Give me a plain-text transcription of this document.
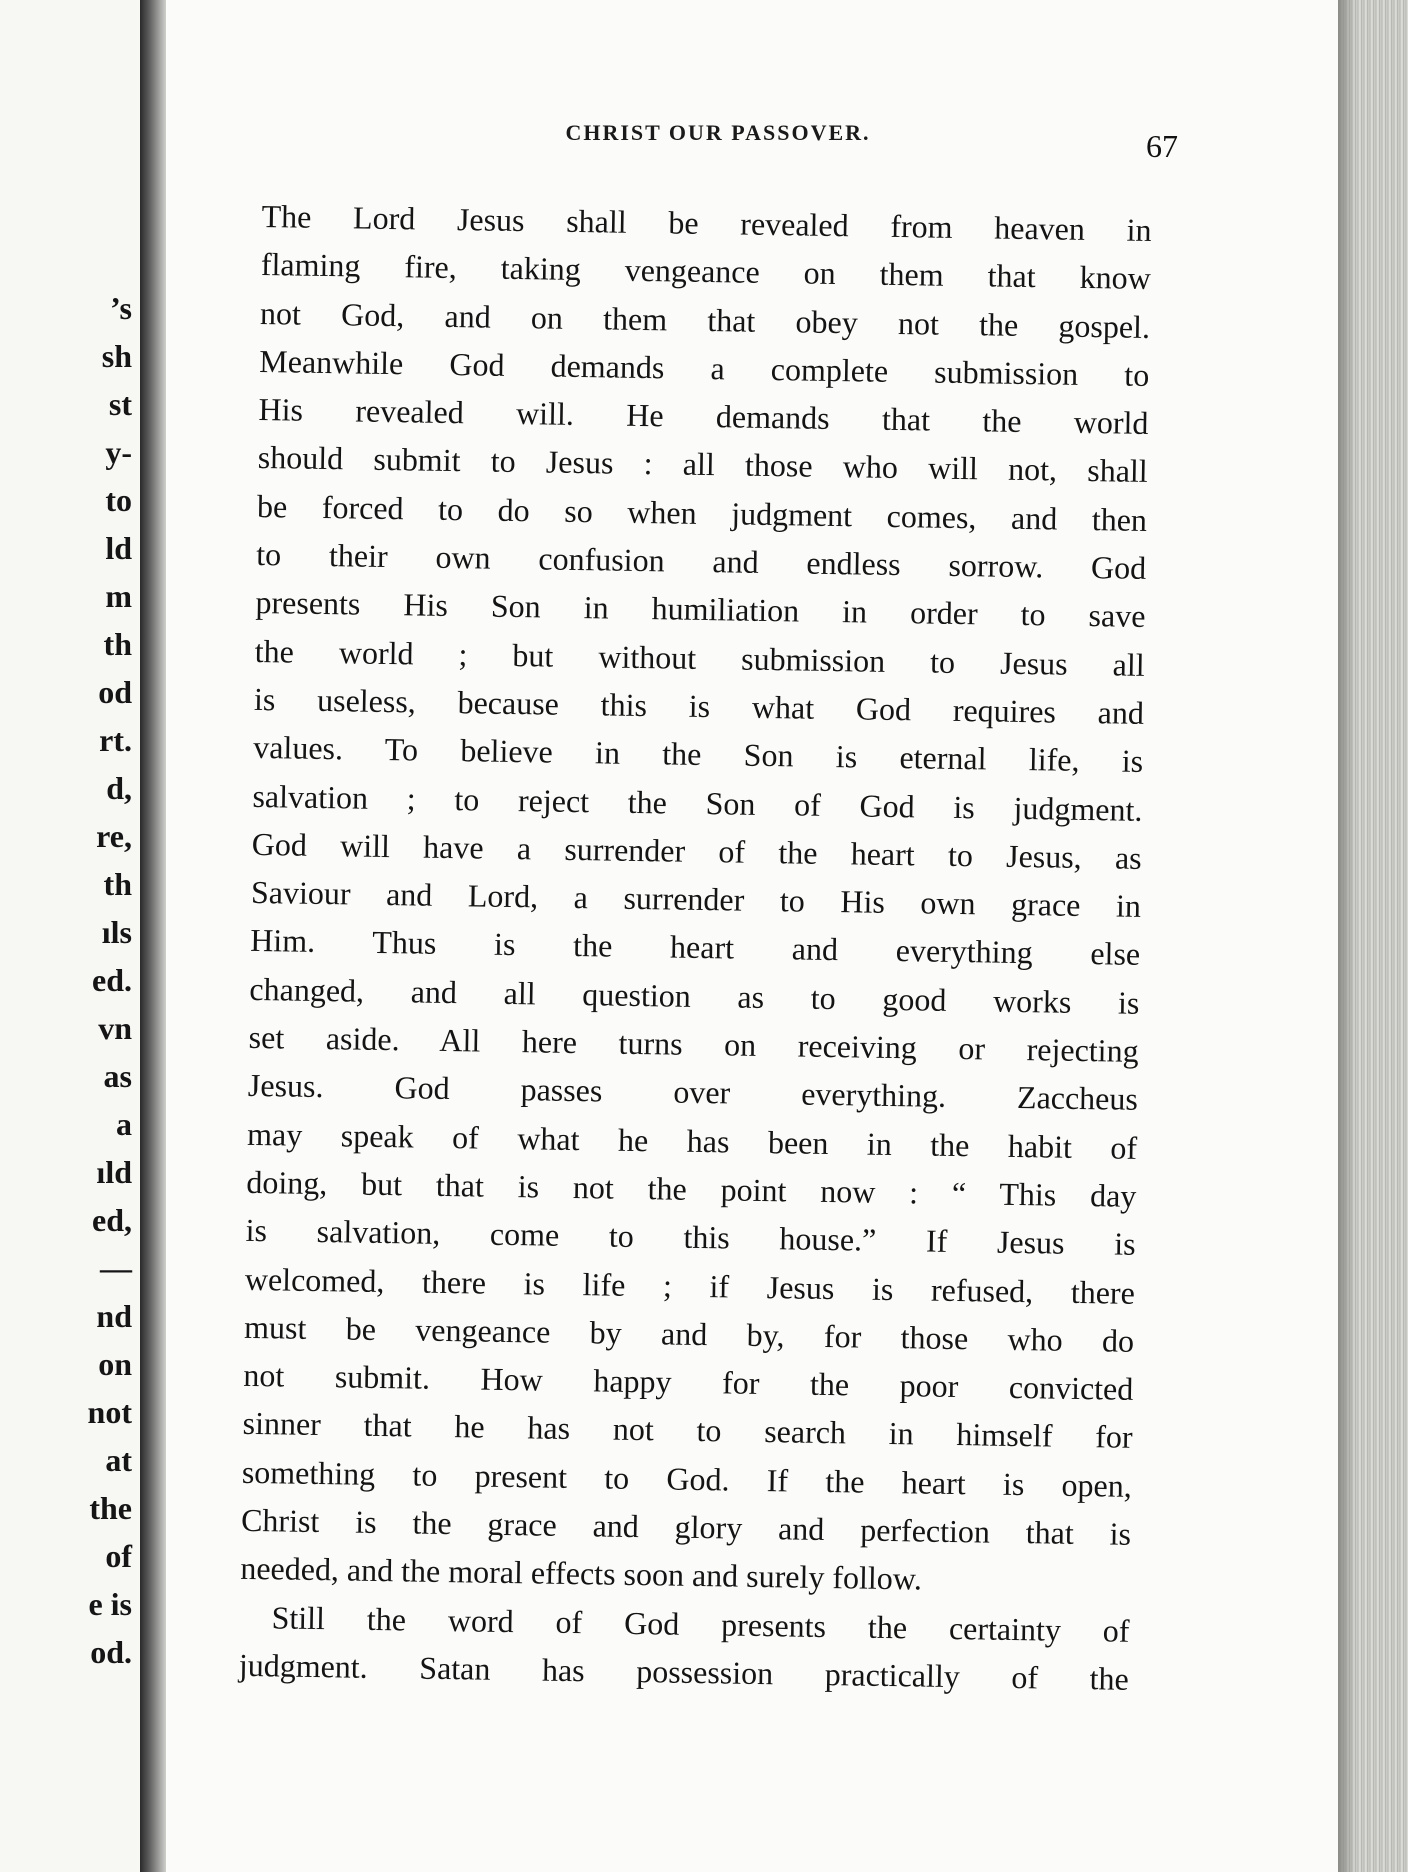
’s
sh
st
y-
to
ld
m
th
od
rt.
d,
re,
th
ıls
ed.
vn
as
a
ıld
ed,
—
nd
on
not
at
the
of
e is
od.
CHRIST OUR PASSOVER.	67
The Lord Jesus shall be revealed from heaven in
flaming fire, taking vengeance on them that know
not God, and on them that obey not the gospel.
Meanwhile God demands a complete submission to
His revealed will. He demands that the world
should submit to Jesus : all those who will not, shall
be forced to do so when judgment comes, and then
to their own confusion and endless sorrow. God
presents His Son in humiliation in order to save
the world ; but without submission to Jesus all
is useless, because this is what God requires and
values. To believe in the Son is eternal life, is
salvation ; to reject the Son of God is judgment.
God will have a surrender of the heart to Jesus, as
Saviour and Lord, a surrender to His own grace in
Him. Thus is the heart and everything else
changed, and all question as to good works is
set aside. All here turns on receiving or rejecting
Jesus. God passes over everything. Zaccheus
may speak of what he has been in the habit of
doing, but that is not the point now : “ This day
is salvation, come to this house.” If Jesus is
welcomed, there is life ; if Jesus is refused, there
must be vengeance by and by, for those who do
not submit. How happy for the poor convicted
sinner that he has not to search in himself for
something to present to God. If the heart is open,
Christ is the grace and glory and perfection that is
needed, and the moral effects soon and surely follow.
Still the word of God presents the certainty of
judgment. Satan has possession practically of the
